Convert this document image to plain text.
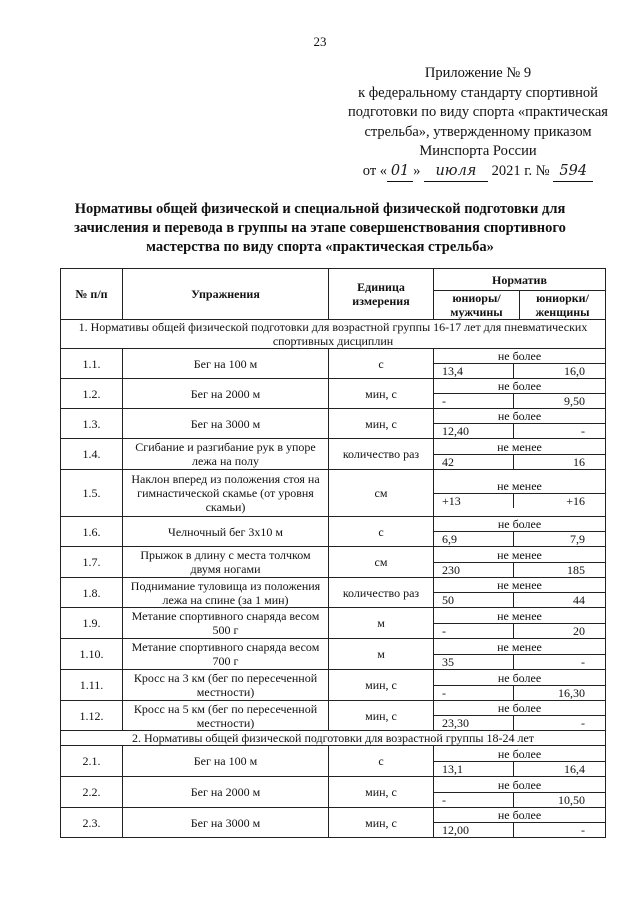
23
Приложение № 9
к федеральному стандарту спортивной
подготовки по виду спорта «практическая
стрельба», утвержденному приказом
Минспорта России
от « 01 » июля 2021 г. № 594
Нормативы общей физической и специальной физической подготовки для зачисления и перевода в группы на этапе совершенствования спортивного мастерства по виду спорта «практическая стрельба»
№ п/п	Упражнения	Единица измерения	Норматив	
			юниоры/ мужчины	юниорки/ женщины
1. Нормативы общей физической подготовки для возрастной группы 16-17 лет для пневматических спортивных дисциплин				
1.1.	Бег на 100 м	с	не более
13,4 16,0	

1.2.	Бег на 2000 м	мин, с	не более
- 9,50	

1.3.	Бег на 3000 м	мин, с	не более
12,40 -	

1.4.	Сгибание и разгибание рук в упоре лежа на полу	количество раз	не менее
42 16	

1.5.	Наклон вперед из положения стоя на гимнастической скамье (от уровня скамьи)	см	не менее
+13 +16	

1.6.	Челночный бег 3х10 м	с	не более
6,9 7,9	

1.7.	Прыжок в длину с места толчком двумя ногами	см	не менее
230 185	

1.8.	Поднимание туловища из положения лежа на спине (за 1 мин)	количество раз	не менее
50 44	

1.9.	Метание спортивного снаряда весом 500 г	м	не менее
- 20	

1.10.	Метание спортивного снаряда весом 700 г	м	не менее
35 -	

1.11.	Кросс на 3 км (бег по пересеченной местности)	мин, с	не более
- 16,30	

1.12.	Кросс на 5 км (бег по пересеченной местности)	мин, с	не более
23,30 -	

2. Нормативы общей физической подготовки для возрастной группы 18-24 лет				
2.1.	Бег на 100 м	с	не более
13,1 16,4	

2.2.	Бег на 2000 м	мин, с	не более
- 10,50	

2.3.	Бег на 3000 м	мин, с	не более
12,00 -	
